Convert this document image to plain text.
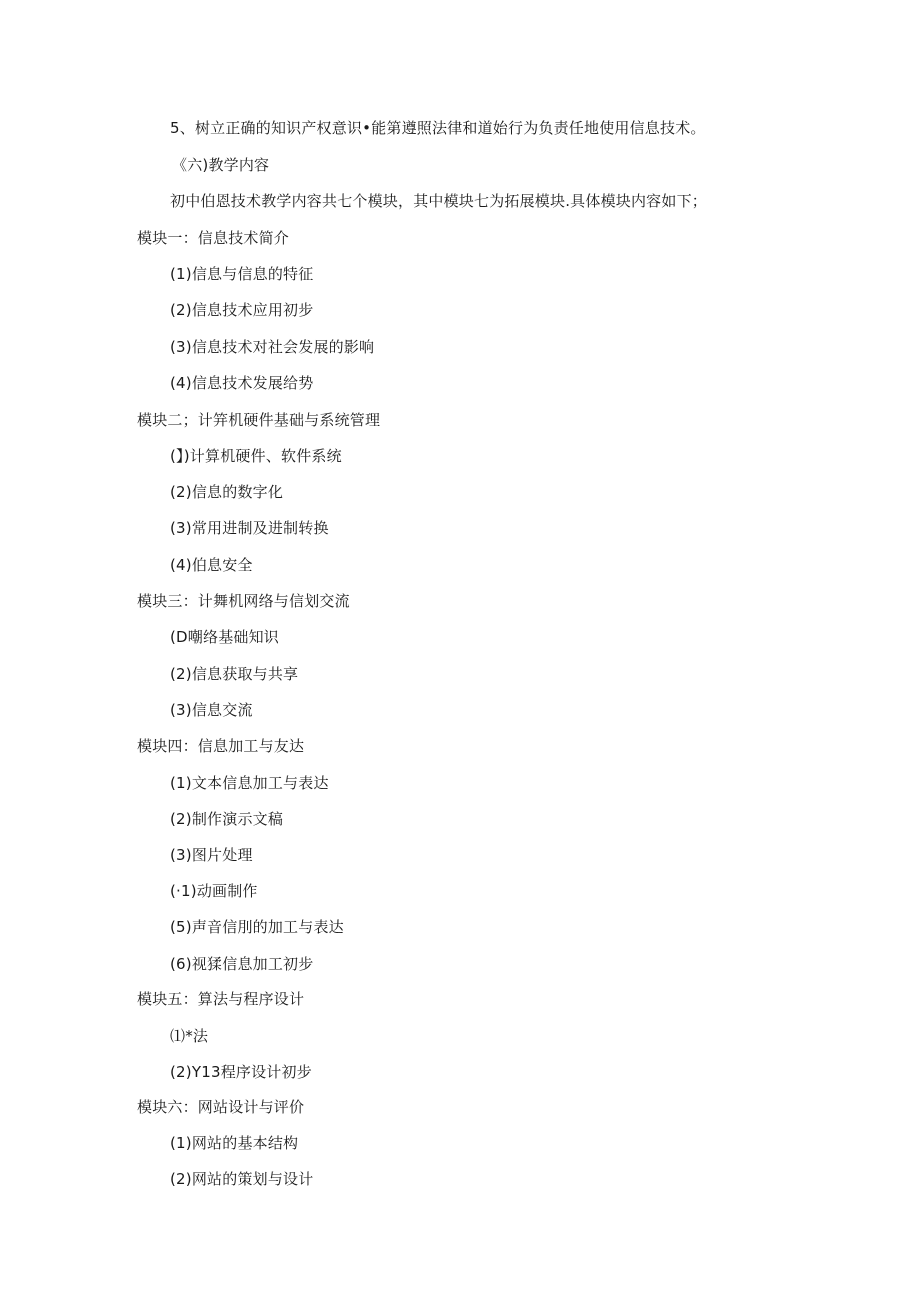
5、树立正确的知识产权意识•能第遵照法律和道始行为负责任地使用信息技术。
《六)教学内容
初中伯恩技术教学内容共七个模块，其中模块七为拓展模块.具体模块内容如下；
模块一：信息技术简介
(1)信息与信息的特征
(2)信息技术应用初步
(3)信息技术对社会发展的影响
(4)信息技术发展给势
模块二；计笄机硬件基础与系统管理
(】)计算机硬件、软件系统
(2)信息的数字化
(3)常用进制及进制转换
(4)伯息安全
模块三：计舞机网络与信划交流
(D嘲络基础知识
(2)信息获取与共享
(3)信息交流
模块四：信息加工与友达
(1)文本信息加工与表达
(2)制作演示文稿
(3)图片处理
(·1)动画制作
(5)声音信刖的加工与表达
(6)视猱信息加工初步
模块五：算法与程序设计
⑴*法
(2)Y13程序设计初步
模块六：网站设计与评价
(1)网站的基本结构
(2)网站的策划与设计
